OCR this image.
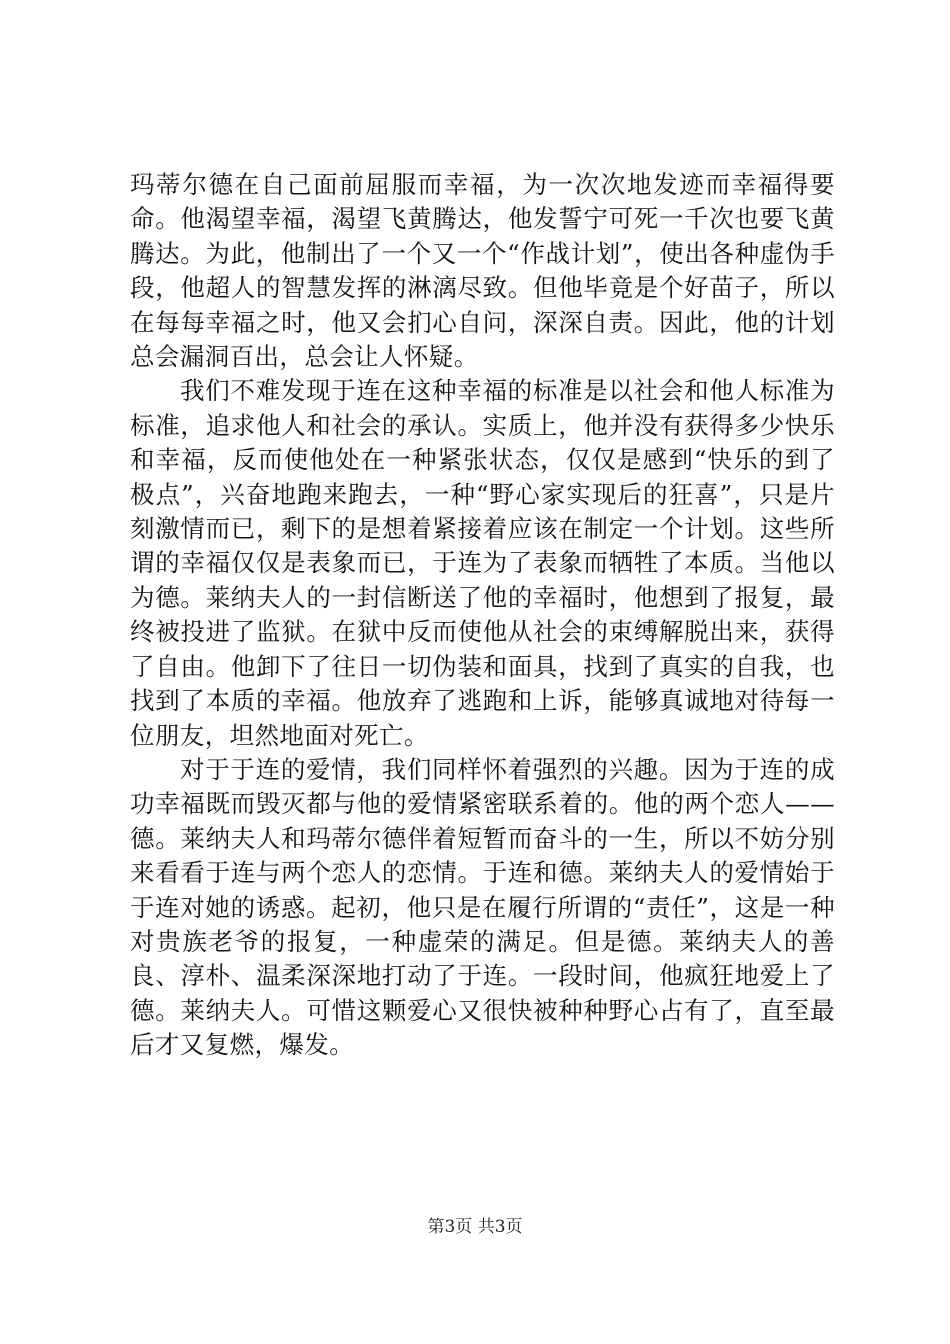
玛蒂尔德在自己面前屈服而幸福，为一次次地发迹而幸福得要命。他渴望幸福，渴望飞黄腾达，他发誓宁可死一千次也要飞黄腾达。为此，他制出了一个又一个“作战计划”，使出各种虚伪手段，他超人的智慧发挥的淋漓尽致。但他毕竟是个好苗子，所以在每每幸福之时，他又会扪心自问，深深自责。因此，他的计划总会漏洞百出，总会让人怀疑。

我们不难发现于连在这种幸福的标准是以社会和他人标准为标准，追求他人和社会的承认。实质上，他并没有获得多少快乐和幸福，反而使他处在一种紧张状态，仅仅是感到“快乐的到了极点”，兴奋地跑来跑去，一种“野心家实现后的狂喜”，只是片刻激情而已，剩下的是想着紧接着应该在制定一个计划。这些所谓的幸福仅仅是表象而已，于连为了表象而牺牲了本质。当他以为德。莱纳夫人的一封信断送了他的幸福时，他想到了报复，最终被投进了监狱。在狱中反而使他从社会的束缚解脱出来，获得了自由。他卸下了往日一切伪装和面具，找到了真实的自我，也找到了本质的幸福。他放弃了逃跑和上诉，能够真诚地对待每一位朋友，坦然地面对死亡。

对于于连的爱情，我们同样怀着强烈的兴趣。因为于连的成功幸福既而毁灭都与他的爱情紧密联系着的。他的两个恋人——德。莱纳夫人和玛蒂尔德伴着短暂而奋斗的一生，所以不妨分别来看看于连与两个恋人的恋情。于连和德。莱纳夫人的爱情始于于连对她的诱惑。起初，他只是在履行所谓的“责任”，这是一种对贵族老爷的报复，一种虚荣的满足。但是德。莱纳夫人的善良、淳朴、温柔深深地打动了于连。一段时间，他疯狂地爱上了德。莱纳夫人。可惜这颗爱心又很快被种种野心占有了，直至最后才又复燃，爆发。

第3页 共3页
